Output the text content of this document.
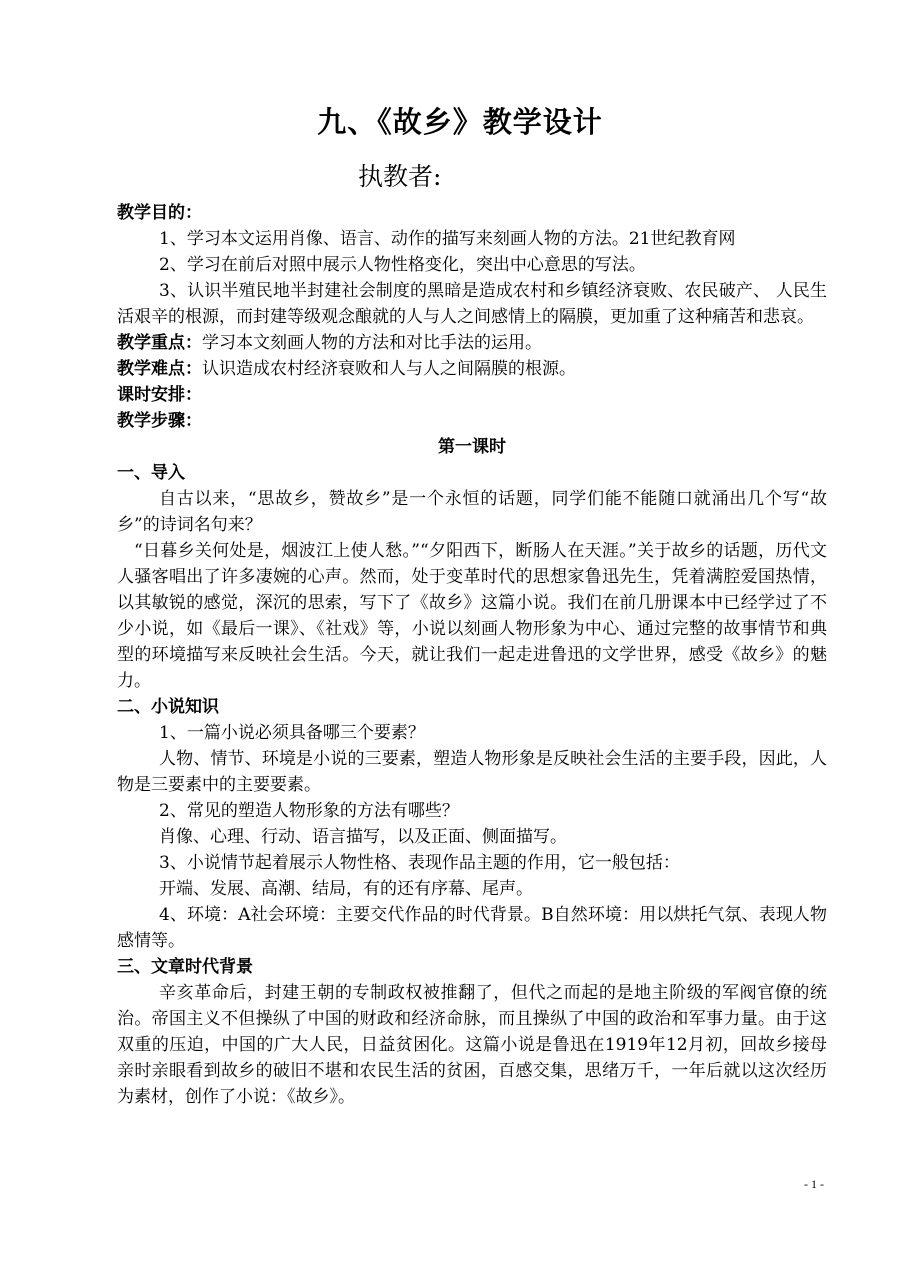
九、《故乡》教学设计
执教者:

教学目的：

1、学习本文运用肖像、语言、动作的描写来刻画人物的方法。21世纪教育网

2、学习在前后对照中展示人物性格变化，突出中心意思的写法。

3、认识半殖民地半封建社会制度的黑暗是造成农村和乡镇经济衰败、农民破产、 人民生活艰辛的根源，而封建等级观念酿就的人与人之间感情上的隔膜，更加重了这种痛苦和悲哀。

教学重点：学习本文刻画人物的方法和对比手法的运用。

教学难点：认识造成农村经济衰败和人与人之间隔膜的根源。

课时安排：

教学步骤：

第一课时

一、导入

自古以来，“思故乡，赞故乡”是一个永恒的话题，同学们能不能随口就涌出几个写“故乡”的诗词名句来？

“日暮乡关何处是，烟波江上使人愁。”“夕阳西下，断肠人在天涯。”关于故乡的话题，历代文人骚客唱出了许多凄婉的心声。然而，处于变革时代的思想家鲁迅先生，凭着满腔爱国热情，以其敏锐的感觉，深沉的思索，写下了《故乡》这篇小说。我们在前几册课本中已经学过了不少小说，如《最后一课》、《社戏》等，小说以刻画人物形象为中心、通过完整的故事情节和典型的环境描写来反映社会生活。今天，就让我们一起走进鲁迅的文学世界，感受《故乡》的魅力。

二、小说知识

1、一篇小说必须具备哪三个要素？

人物、情节、环境是小说的三要素，塑造人物形象是反映社会生活的主要手段，因此，人物是三要素中的主要要素。

2、常见的塑造人物形象的方法有哪些？

肖像、心理、行动、语言描写，以及正面、侧面描写。

3、小说情节起着展示人物性格、表现作品主题的作用，它一般包括：

开端、发展、高潮、结局，有的还有序幕、尾声。

4、环境：A社会环境：主要交代作品的时代背景。B自然环境：用以烘托气氛、表现人物感情等。

三、文章时代背景

辛亥革命后，封建王朝的专制政权被推翻了，但代之而起的是地主阶级的军阀官僚的统治。帝国主义不但操纵了中国的财政和经济命脉，而且操纵了中国的政治和军事力量。由于这双重的压迫，中国的广大人民，日益贫困化。这篇小说是鲁迅在1919年12月初，回故乡接母亲时亲眼看到故乡的破旧不堪和农民生活的贫困，百感交集，思绪万千，一年后就以这次经历为素材，创作了小说：《故乡》。

- 1 -
